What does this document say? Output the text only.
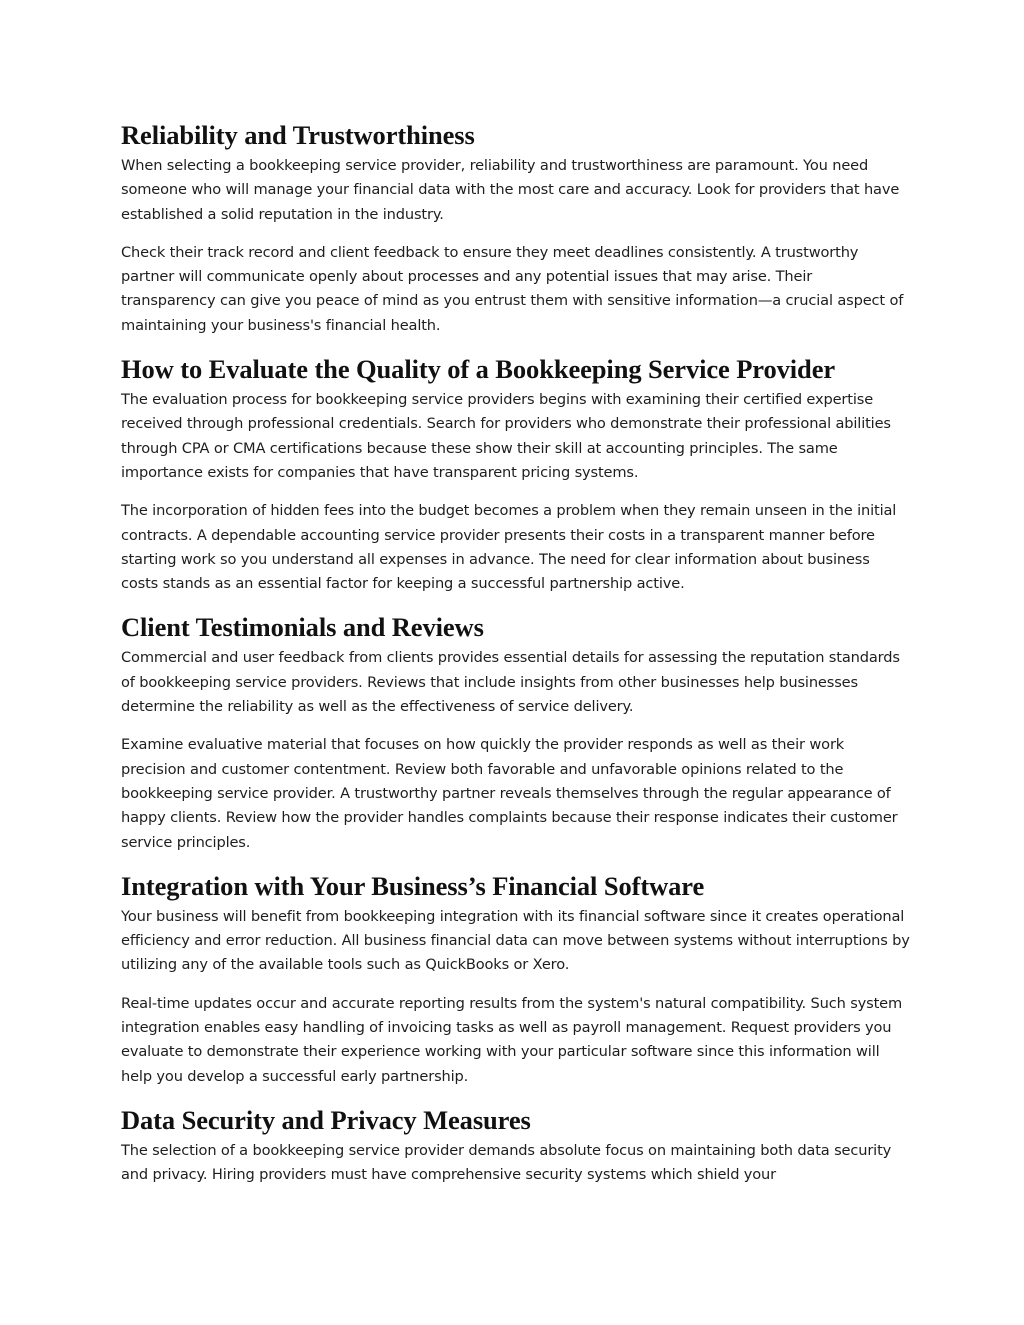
Reliability and Trustworthiness

When selecting a bookkeeping service provider, reliability and trustworthiness are paramount. You need someone who will manage your financial data with the most care and accuracy. Look for providers that have established a solid reputation in the industry.

Check their track record and client feedback to ensure they meet deadlines consistently. A trustworthy partner will communicate openly about processes and any potential issues that may arise. Their transparency can give you peace of mind as you entrust them with sensitive information—a crucial aspect of maintaining your business's financial health.

How to Evaluate the Quality of a Bookkeeping Service Provider

The evaluation process for bookkeeping service providers begins with examining their certified expertise received through professional credentials. Search for providers who demonstrate their professional abilities through CPA or CMA certifications because these show their skill at accounting principles. The same importance exists for companies that have transparent pricing systems.

The incorporation of hidden fees into the budget becomes a problem when they remain unseen in the initial contracts. A dependable accounting service provider presents their costs in a transparent manner before starting work so you understand all expenses in advance. The need for clear information about business costs stands as an essential factor for keeping a successful partnership active.

Client Testimonials and Reviews

Commercial and user feedback from clients provides essential details for assessing the reputation standards of bookkeeping service providers. Reviews that include insights from other businesses help businesses determine the reliability as well as the effectiveness of service delivery.

Examine evaluative material that focuses on how quickly the provider responds as well as their work precision and customer contentment. Review both favorable and unfavorable opinions related to the bookkeeping service provider. A trustworthy partner reveals themselves through the regular appearance of happy clients. Review how the provider handles complaints because their response indicates their customer service principles.

Integration with Your Business’s Financial Software

Your business will benefit from bookkeeping integration with its financial software since it creates operational efficiency and error reduction. All business financial data can move between systems without interruptions by utilizing any of the available tools such as QuickBooks or Xero.

Real-time updates occur and accurate reporting results from the system's natural compatibility. Such system integration enables easy handling of invoicing tasks as well as payroll management. Request providers you evaluate to demonstrate their experience working with your particular software since this information will help you develop a successful early partnership.

Data Security and Privacy Measures

The selection of a bookkeeping service provider demands absolute focus on maintaining both data security and privacy. Hiring providers must have comprehensive security systems which shield your
